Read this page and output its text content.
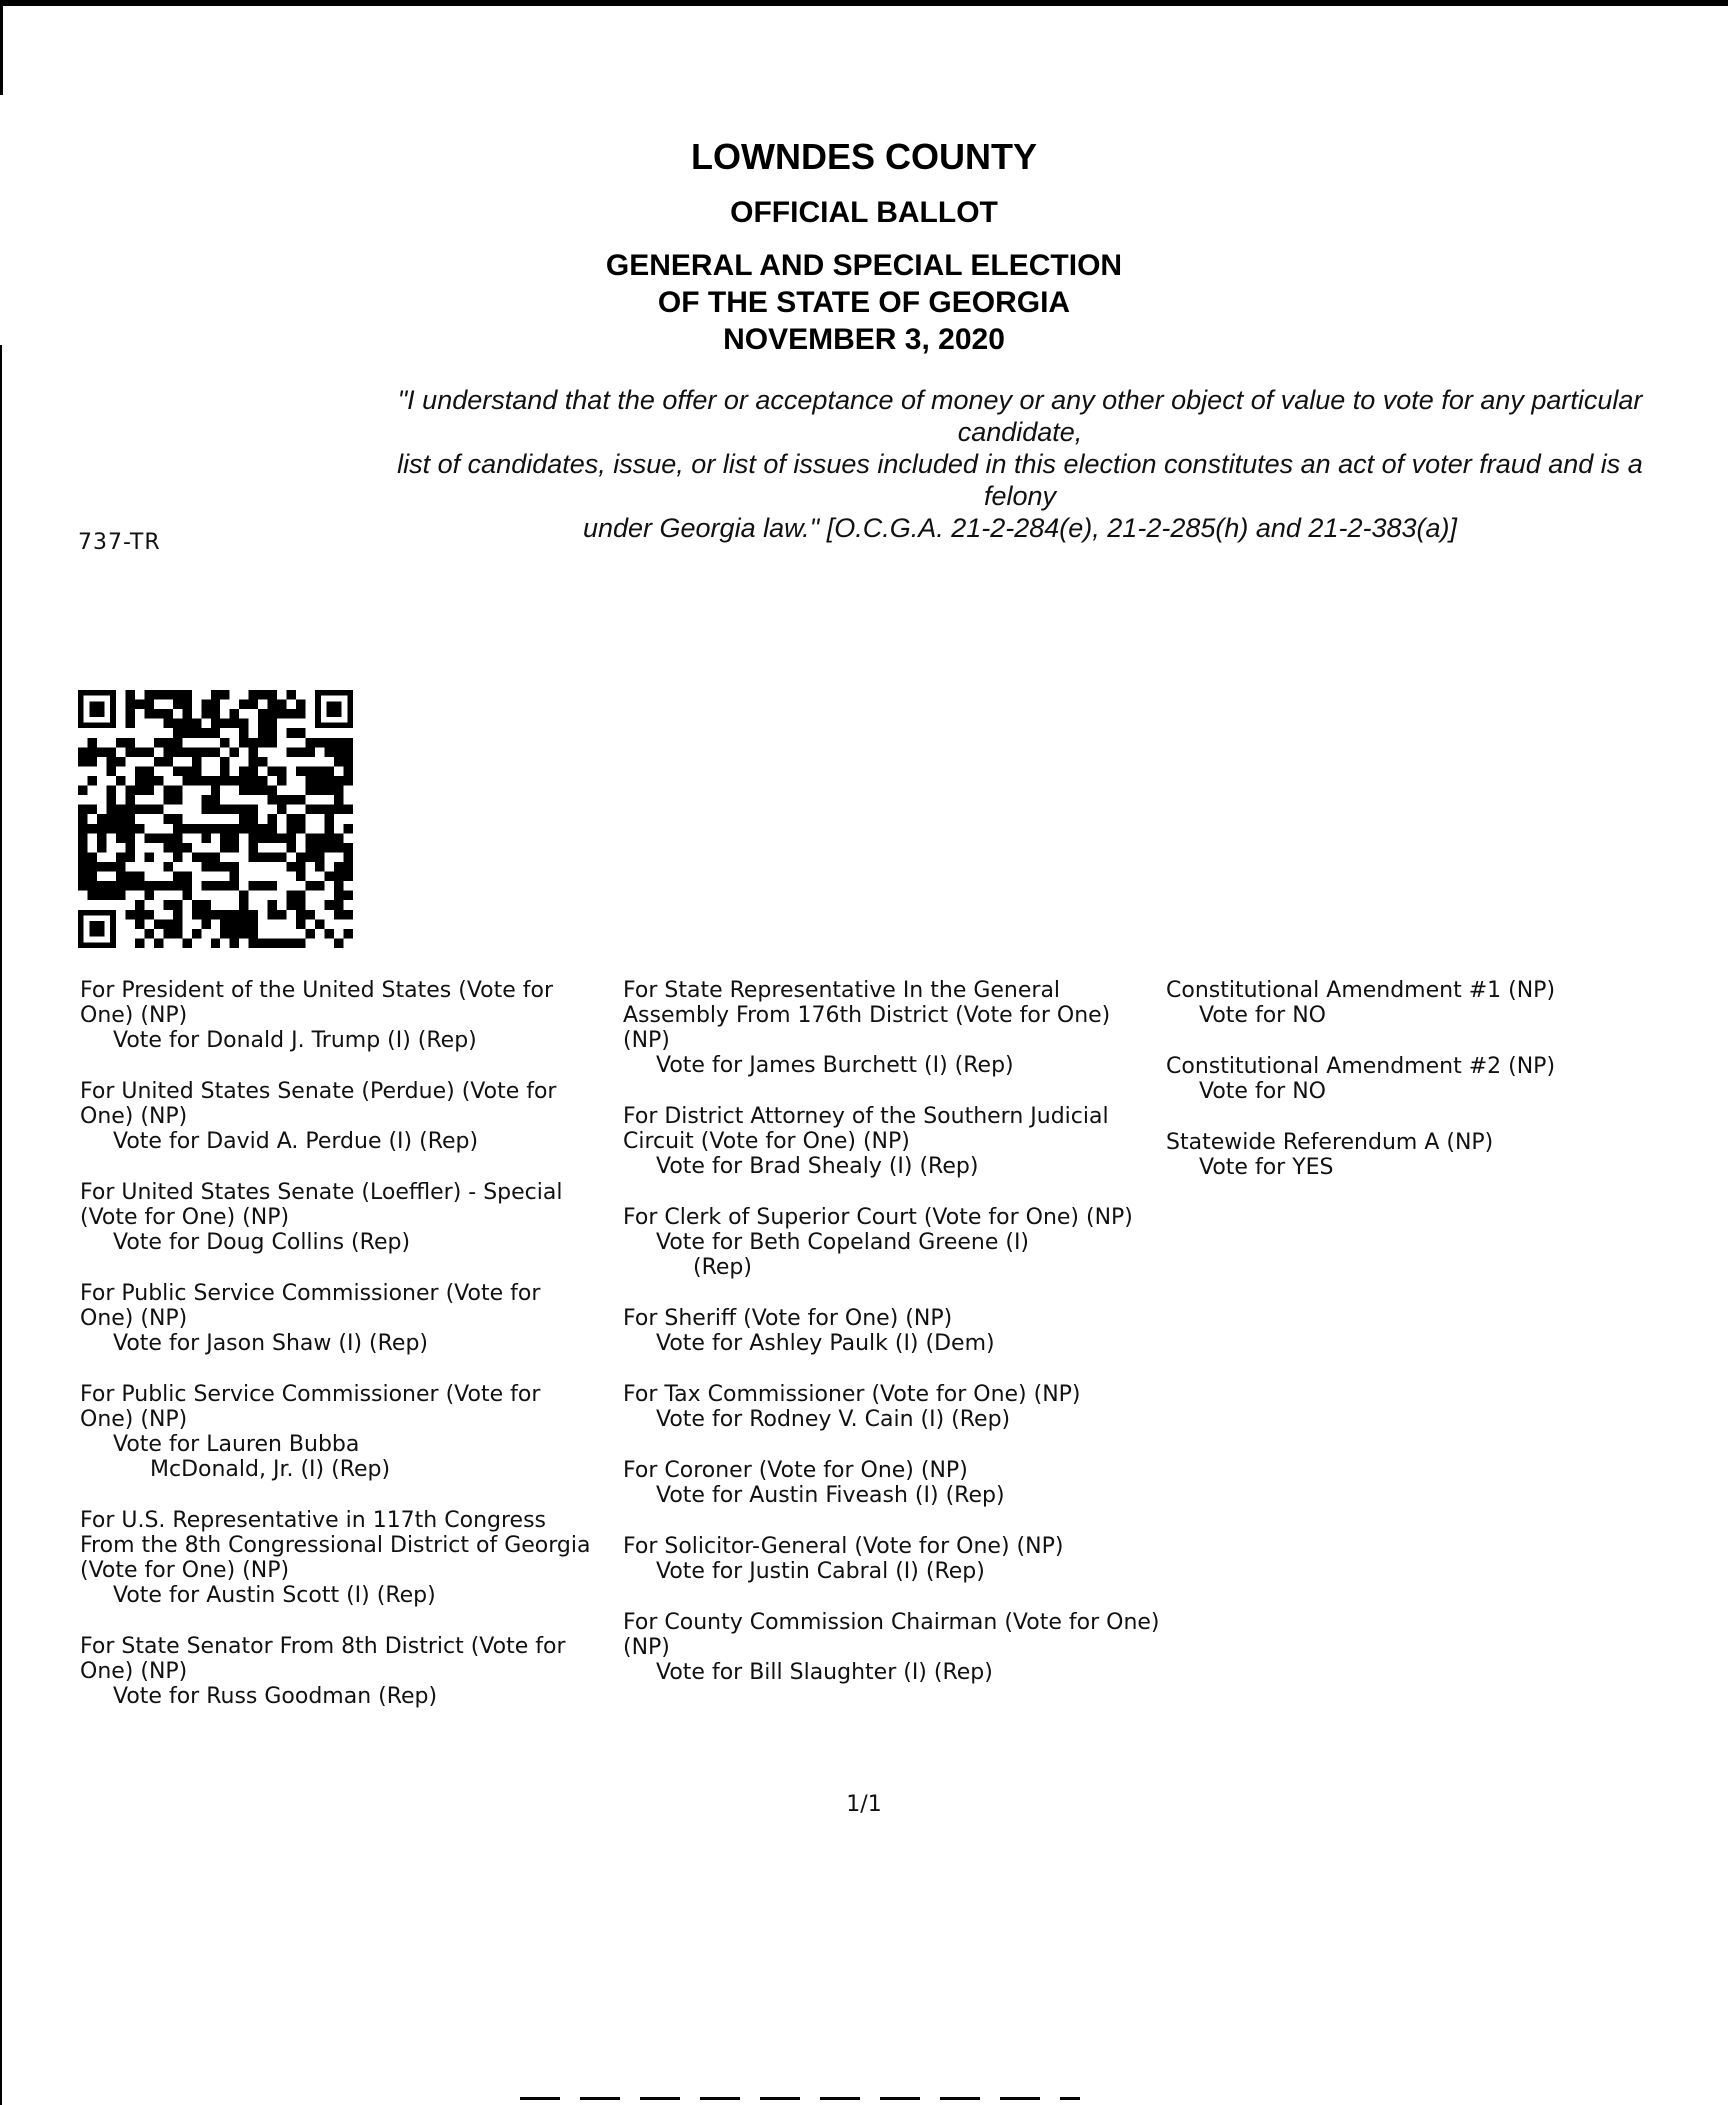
LOWNDES COUNTY
OFFICIAL BALLOT
GENERAL AND SPECIAL ELECTION
OF THE STATE OF GEORGIA
NOVEMBER 3, 2020
"I understand that the offer or acceptance of money or any other object of value to vote for any particular candidate,
list of candidates, issue, or list of issues included in this election constitutes an act of voter fraud and is a felony
under Georgia law." [O.C.G.A. 21-2-284(e), 21-2-285(h) and 21-2-383(a)]
737-TR
For President of the United States (Vote for One) (NP)
Vote for Donald J. Trump (I) (Rep)
For United States Senate (Perdue) (Vote for One) (NP)
Vote for David A. Perdue (I) (Rep)
For United States Senate (Loeffler) - Special (Vote for One) (NP)
Vote for Doug Collins (Rep)
For Public Service Commissioner (Vote for One) (NP)
Vote for Jason Shaw (I) (Rep)
For Public Service Commissioner (Vote for One) (NP)
Vote for Lauren Bubba
McDonald, Jr. (I) (Rep)
For U.S. Representative in 117th Congress From the 8th Congressional District of Georgia (Vote for One) (NP)
Vote for Austin Scott (I) (Rep)
For State Senator From 8th District (Vote for One) (NP)
Vote for Russ Goodman (Rep)
For State Representative In the General Assembly From 176th District (Vote for One) (NP)
Vote for James Burchett (I) (Rep)
For District Attorney of the Southern Judicial Circuit (Vote for One) (NP)
Vote for Brad Shealy (I) (Rep)
For Clerk of Superior Court (Vote for One) (NP)
Vote for Beth Copeland Greene (I)
(Rep)
For Sheriff (Vote for One) (NP)
Vote for Ashley Paulk (I) (Dem)
For Tax Commissioner (Vote for One) (NP)
Vote for Rodney V. Cain (I) (Rep)
For Coroner (Vote for One) (NP)
Vote for Austin Fiveash (I) (Rep)
For Solicitor-General (Vote for One) (NP)
Vote for Justin Cabral (I) (Rep)
For County Commission Chairman (Vote for One) (NP)
Vote for Bill Slaughter (I) (Rep)
Constitutional Amendment #1 (NP)
Vote for NO
Constitutional Amendment #2 (NP)
Vote for NO
Statewide Referendum A (NP)
Vote for YES
1/1
